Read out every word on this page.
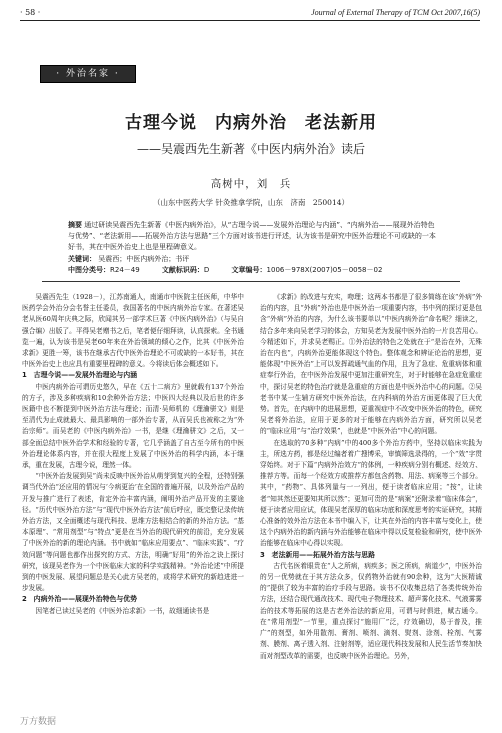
· 58 ·	Journal of External Therapy of TCM Oct 2007,16(5)
· 外治名家 ·
古理今说　内病外治　老法新用
——吴震西先生新著《中医内病外治》读后
高树中，刘　兵
（山东中医药大学 针灸推拿学院，山东　济南　250014）
摘要 通过研读吴震西先生新著《中医内病外治》，从“古理今说——发展外治理论与内涵”、“内病外治——展现外治特色与优势”、“老法新用——拓展外治方法与思路”三个方面对该书进行评述，认为该书是研究中医外治理论不可或缺的一本好书，其在中医外治史上也是里程碑意义。
关键词： 吴震西；中医内病外治；书评
中图分类号：R24－49	文献标识码：D	文章编号：1006－978X(2007)05－0058－02

吴震西先生（1928－），江苏南通人，南通市中医院主任医师，中华中医药学会外治分会名誉主任委员，我国著名的中医内病外治专家。在著述吴老从医60周年庆典之际，欣闻其另一部学术巨著《中医内病外治》（与吴自强合编）出版了。平得吴老赠书之后，笔者便仔细拜读，认真探索。全书通览一遍，认为该书是吴老60年来在外治领域的倾心之作，比其《中医外治求新》更胜一筹，该书在继承古代中医外治理论不可或缺的一本好书，其在中医外治史上也应具有重要里程碑的意义。今将读后体会概述如下。

1　古理今说——发展外治理论与内涵

中医内病外治可谓历史悠久，早在《五十二病方》里就载有137个外治的方子，涉及多种疾病和10余种外治方法；中医四大经典以及后世的许多医籍中也不断提到中医外治方法与理论；而清·吴师机的《理瀹骈文》则是至清代为止成就最大、最具影响的一部外治专著，从而吴氏也被称之为“外治宗师”。而吴老的《中医内病外治》一书，是继《理瀹骈文》之后，又一部全面总结中医外治学术和经验的专著，它几乎涵盖了自古至今所有的中医外治理论体系内容，并在很大程度上发展了中医外治的科学内涵，本于继承，重在发展，古理今说，理然一体。

“中医外治发展到吴”尚未反映中医外治从萌芽到复兴的全程，还特别强调当代外治“还应用的情况与‘今病更治’在全国的普遍开展，以及外治产品的开发与推广进行了表述，肯定外治丰富内涵，阐明外治产品开发的主要途径。“历代中医外治方法”与“现代中医外治方法”前后呼应，既完整记录传统外治方法，又全面概述与现代科技、思维方法相结合的新的外治方法。“基本原理”、“常用剂型”与“特点”更是在当外治的现代研究的前沿，充分发展了中医外治的新的理论内涵。书中就如“临床应用要点”、“临床实践”、“疗效问题”等问题也都作出探究的方式、方法，明确“好用”的外治之诀上探讨研究，该现吴老作为一个中医临床大家的科学实践精神。“外治论述”中所提到的中医发展、展望问题总是关心此方吴老的，或将学术研究的新趋进进一步发展。

2　内病外治——展现外治特色与优势

因笔者已读过吴老的《中医外治求新》一书，故细通读书是

《求新》的改进与充实，吻理；这两本书都是了很多简练在该“外病”外治的内容，且“外病”外治也是中医外治一项重要内容，书中列的探讨更是包含“外病”外治的内容，为什么该书要单以“中医内病外治”命名呢？细读之，结合多年来向吴老学习的体会，方知吴老为发展中医外治的一片良苦用心。今精述如下，并求吴老赐正。①外治法的特色之处就在于“是治在外，无殊治在内也”，内病外治更能体现这个特色。整体观念和辨证论治的思想，更能体现“中医外治”上可以发挥疏通气血的作用，且为了急症、危重病体和重症奉行外治，在中医外治发展中更加注重研究生，对于时能够在急症危重症中，探讨吴老的特色治疗就是急重症的方面也是中医外治中心的问题。②吴老书中某一生辅方研究中医外治法，在内科病的外治方面更体现了巨大优势。首先，在内病中的进展思想，更重视症中不改变中医外治的特色，研究吴老将外治法，应用于更多的对于能够在内病外治方面，研究所以吴老的“临床应用”与“治疗效果”，也就是“中医外治”中心的问题。

在选取的70多种“内病”中的400多个外治方药中，坚持以临床实践为主，所选方药，都是经过编者着广搜博采，审慎筛选录得的，一个“效”字贯穿始终。对于下篇“内病外治效方”的体例，一种疾病分别有概述、经效方、推荐方等。而每一个经效方或推荐方都包含药物、用法、病案等三个部分。其中，“药物”、具体列量与一一列出，便于读者临床应用；“按”，让读者“知其然还更要知其所以然”；更加可贵的是“病案”还附录着“临床体会”，便于读者应用应试，体现吴老深厚的临床功底和深度思考的实证研究，其精心准备的效外治方法在本书中编入下，让其在外治的内容丰富与变化上，使这个内病外治的新内涵与外治能够在临床中得以反复检验和研究，使中医外治能够在临床中心得以实现。

3　老法新用——拓展外治方法与思路

古代名医着眼贵在“人之所病，病疾多；医之所病，病道少”，中医外治的另一优势就在于其方法众多，仅药物外治就有90余种，这为“大医精诚的”提供了较为丰富的治疗手段与思路。该书不仅收集总结了各类传统外治方法，还结合现代通改技术、现代电子物理技术、超声雾化技术、气液雾雾治的技术等拓展的这是古老外治法的新应用，可谓与时俱进，赋古通今。在“常用剂型”一节里，重点探讨“施用厂”泛，疗效确切，易于普及，推广”的剂型，如外用散剂、膏剂、喷剂、滴剂、熨剂、涂剂、栓剂、气雾剂、膜剂、离子透入剂、注射剂等，适应现代科技发展和人民生活节奏加快而对剂型改革的需要，也反映中医外治理论。另外，

万方数据
